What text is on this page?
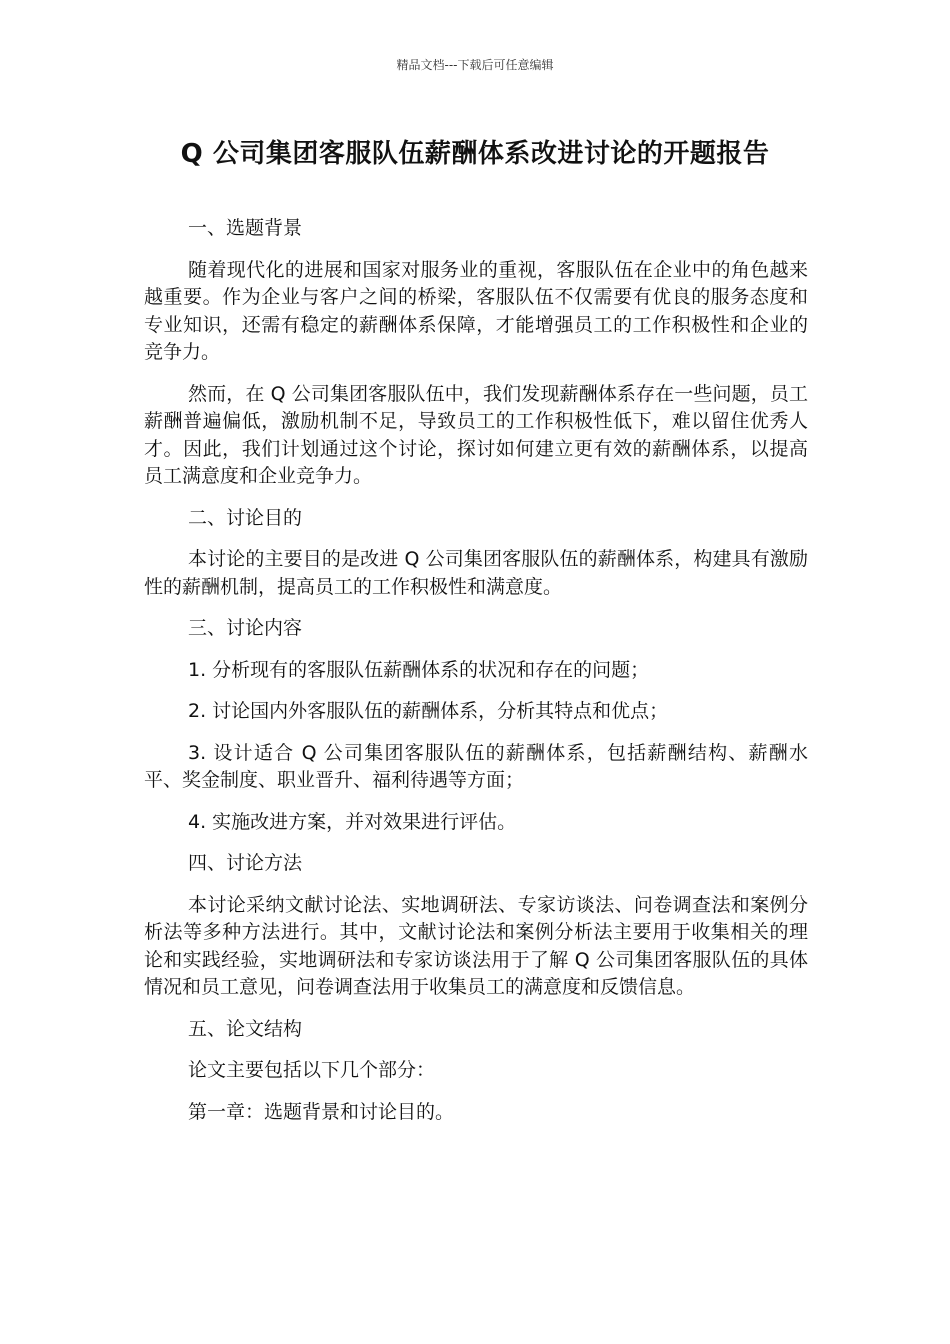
精品文档---下载后可任意编辑
Q 公司集团客服队伍薪酬体系改进讨论的开题报告

一、选题背景

随着现代化的进展和国家对服务业的重视，客服队伍在企业中的角色越来越重要。作为企业与客户之间的桥梁，客服队伍不仅需要有优良的服务态度和专业知识，还需有稳定的薪酬体系保障，才能增强员工的工作积极性和企业的竞争力。

然而，在 Q 公司集团客服队伍中，我们发现薪酬体系存在一些问题，员工薪酬普遍偏低，激励机制不足，导致员工的工作积极性低下，难以留住优秀人才。因此，我们计划通过这个讨论，探讨如何建立更有效的薪酬体系，以提高员工满意度和企业竞争力。

二、讨论目的

本讨论的主要目的是改进 Q 公司集团客服队伍的薪酬体系，构建具有激励性的薪酬机制，提高员工的工作积极性和满意度。

三、讨论内容

1. 分析现有的客服队伍薪酬体系的状况和存在的问题；

2. 讨论国内外客服队伍的薪酬体系，分析其特点和优点；

3. 设计适合 Q 公司集团客服队伍的薪酬体系，包括薪酬结构、薪酬水平、奖金制度、职业晋升、福利待遇等方面；

4. 实施改进方案，并对效果进行评估。

四、讨论方法

本讨论采纳文献讨论法、实地调研法、专家访谈法、问卷调查法和案例分析法等多种方法进行。其中，文献讨论法和案例分析法主要用于收集相关的理论和实践经验，实地调研法和专家访谈法用于了解 Q 公司集团客服队伍的具体情况和员工意见，问卷调查法用于收集员工的满意度和反馈信息。

五、论文结构

论文主要包括以下几个部分：

第一章：选题背景和讨论目的。
